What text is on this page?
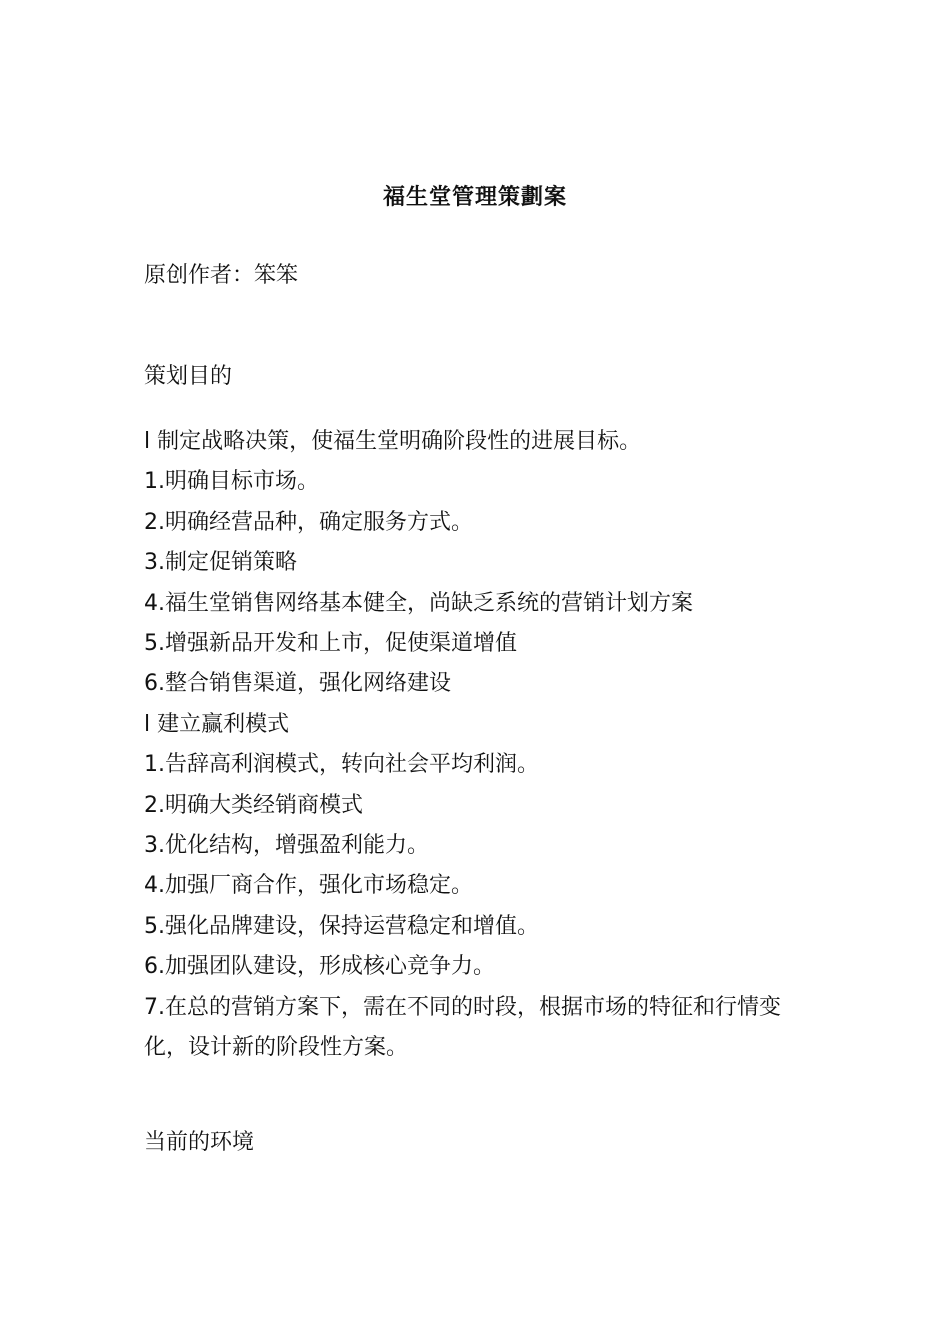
福生堂管理策劃案
原创作者：笨笨
策划目的
l 制定战略决策，使福生堂明确阶段性的进展目标。
1.明确目标市场。
2.明确经营品种，确定服务方式。
3.制定促销策略
4.福生堂销售网络基本健全，尚缺乏系统的营销计划方案
5.增强新品开发和上市，促使渠道增值
6.整合销售渠道，强化网络建设
l 建立赢利模式
1.告辞高利润模式，转向社会平均利润。
2.明确大类经销商模式
3.优化结构，增强盈利能力。
4.加强厂商合作，强化市场稳定。
5.强化品牌建设，保持运营稳定和增值。
6.加强团队建设，形成核心竞争力。
7.在总的营销方案下，需在不同的时段，根据市场的特征和行情变化，设计新的阶段性方案。
当前的环境
